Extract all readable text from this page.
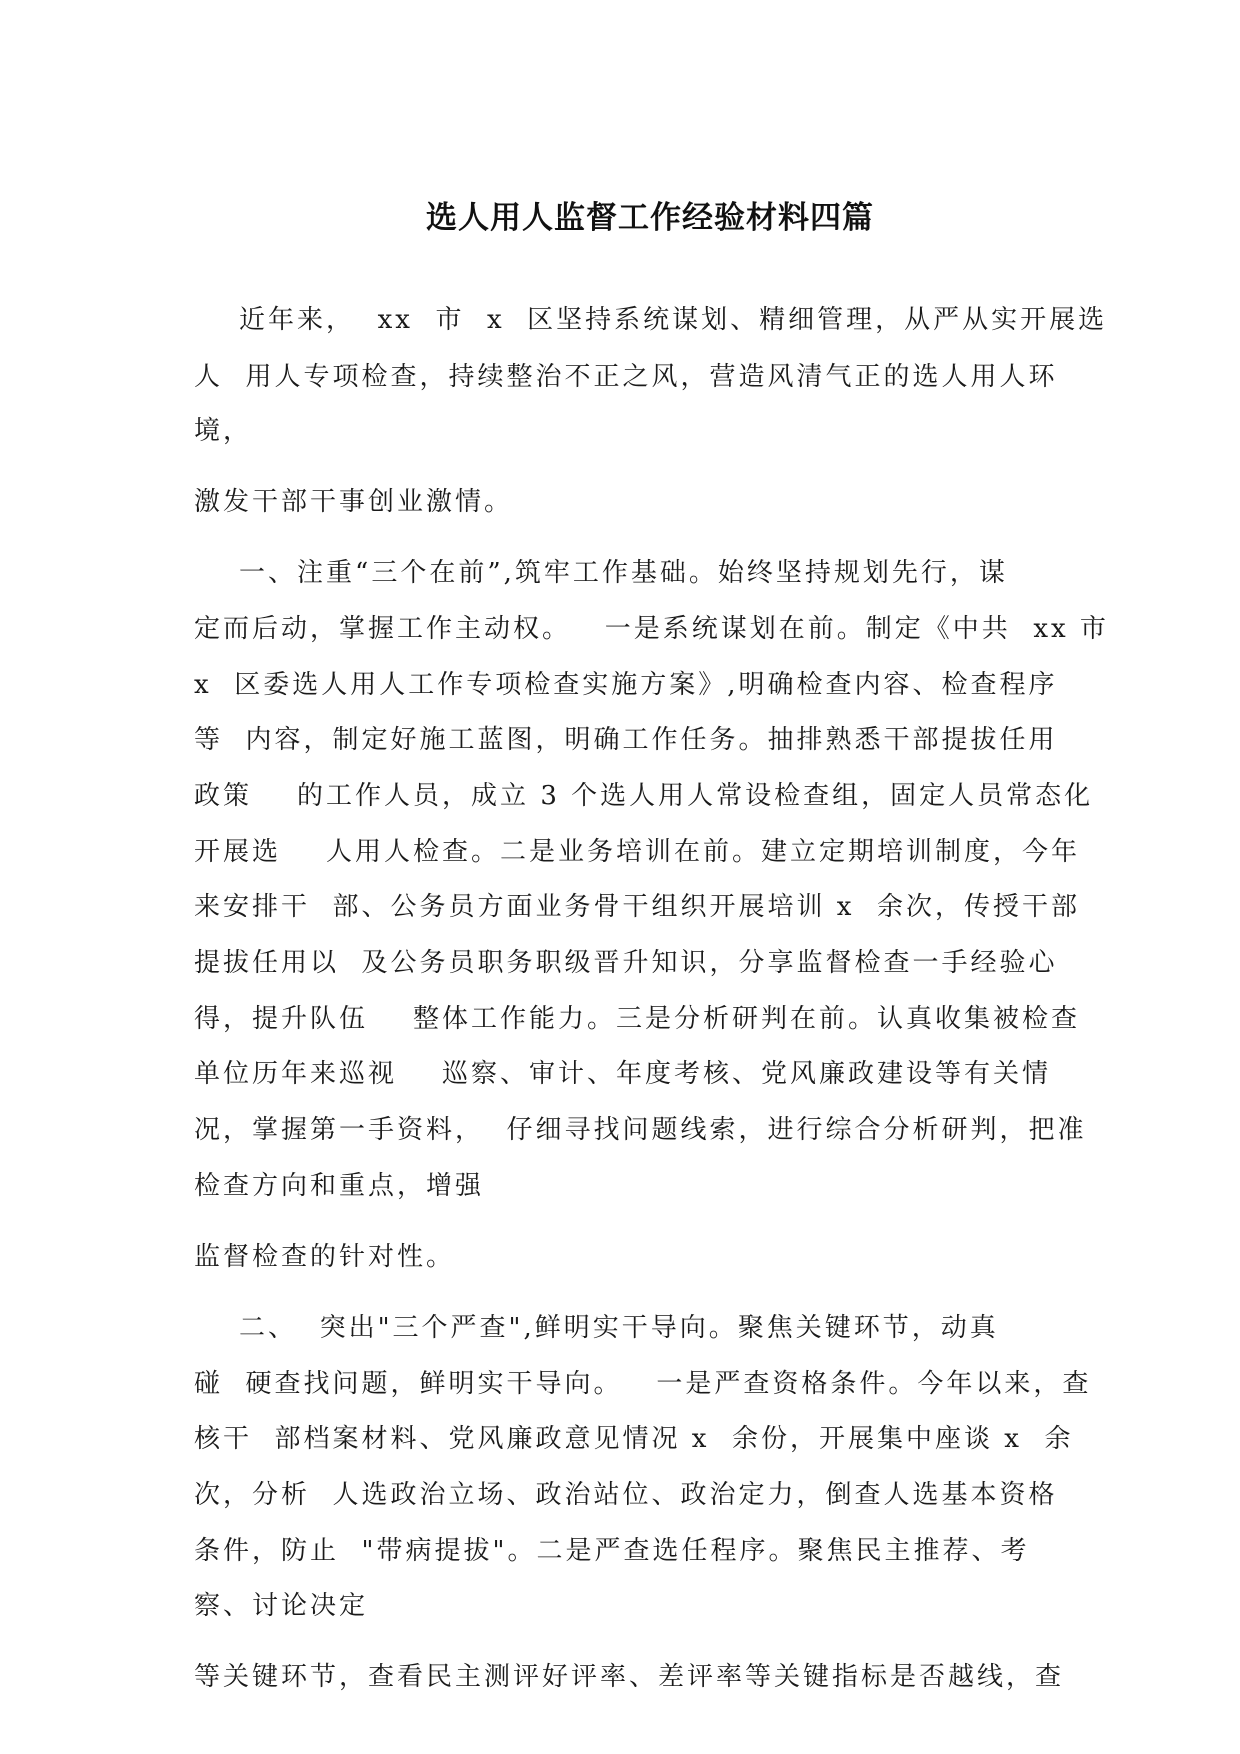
选人用人监督工作经验材料四篇
近年来，  xx  市  x  区坚持系统谋划、精细管理，从严从实开展选
人  用人专项检查，持续整治不正之风，营造风清气正的选人用人环
境，
激发干部干事创业激情。
一、注重“三个在前”,筑牢工作基础。始终坚持规划先行，谋
定而后动，掌握工作主动权。   一是系统谋划在前。制定《中共  xx 市
x  区委选人用人工作专项检查实施方案》,明确检查内容、检查程序
等  内容，制定好施工蓝图，明确工作任务。抽排熟悉干部提拔任用
政策    的工作人员，成立 3 个选人用人常设检查组，固定人员常态化
开展选    人用人检查。二是业务培训在前。建立定期培训制度，今年
来安排干  部、公务员方面业务骨干组织开展培训 x  余次，传授干部
提拔任用以  及公务员职务职级晋升知识，分享监督检查一手经验心
得，提升队伍    整体工作能力。三是分析研判在前。认真收集被检查
单位历年来巡视    巡察、审计、年度考核、党风廉政建设等有关情
况，掌握第一手资料，  仔细寻找问题线索，进行综合分析研判，把准
检查方向和重点，增强
监督检查的针对性。
二、  突出"三个严查",鲜明实干导向。聚焦关键环节，动真
碰  硬查找问题，鲜明实干导向。   一是严查资格条件。今年以来，查
核干  部档案材料、党风廉政意见情况 x  余份，开展集中座谈 x  余
次，分析  人选政治立场、政治站位、政治定力，倒查人选基本资格
条件，防止  "带病提拔"。二是严查选任程序。聚焦民主推荐、考
察、讨论决定
等关键环节，查看民主测评好评率、差评率等关键指标是否越线，查
